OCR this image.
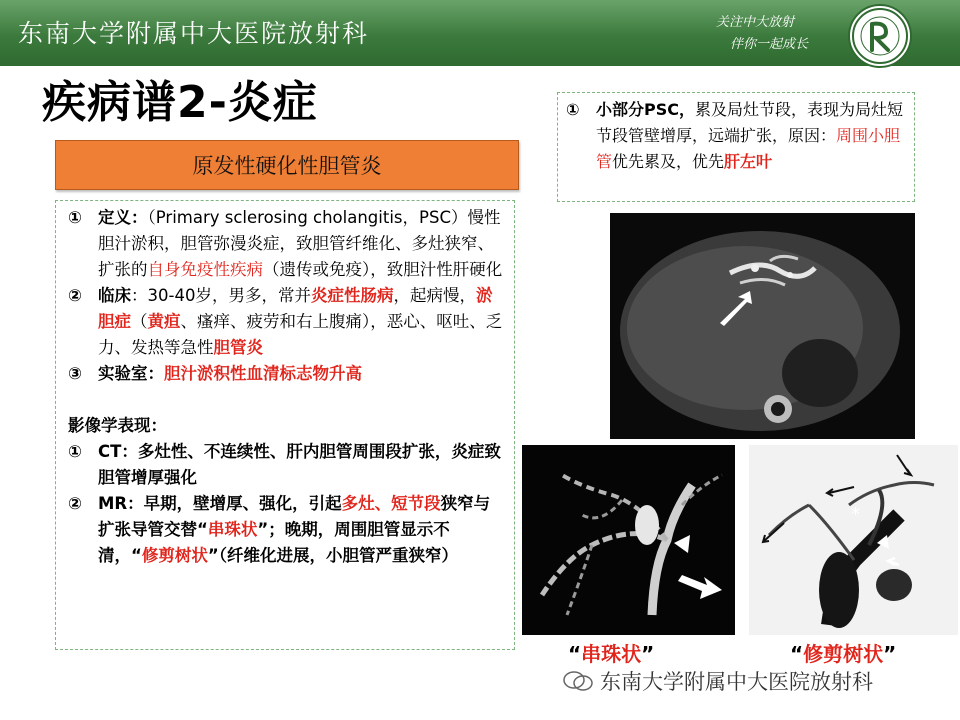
东南大学附属中大医院放射科	关注中大放射
伴你一起成长
疾病谱2-炎症
原发性硬化性胆管炎
① 定义：（Primary sclerosing cholangitis，PSC）慢性胆汁淤积，胆管弥漫炎症，致胆管纤维化、多灶狭窄、扩张的自身免疫性疾病（遗传或免疫），致胆汁性肝硬化
② 临床：30-40岁，男多，常并炎症性肠病，起病慢，淤胆症（黄疸、瘙痒、疲劳和右上腹痛），恶心、呕吐、乏力、发热等急性胆管炎
③ 实验室：胆汁淤积性血清标志物升高
影像学表现：
① CT：多灶性、不连续性、肝内胆管周围段扩张，炎症致胆管增厚强化
② MR：早期，壁增厚、强化，引起多灶、短节段狭窄与扩张导管交替“串珠状”；晚期，周围胆管显示不清，“修剪树状”（纤维化进展，小胆管严重狭窄）
①	小部分PSC，累及局灶节段，表现为局灶短节段管壁增厚，远端扩张，原因：周围小胆管优先累及，优先肝左叶
*
“串珠状”	“修剪树状”
东南大学附属中大医院放射科
